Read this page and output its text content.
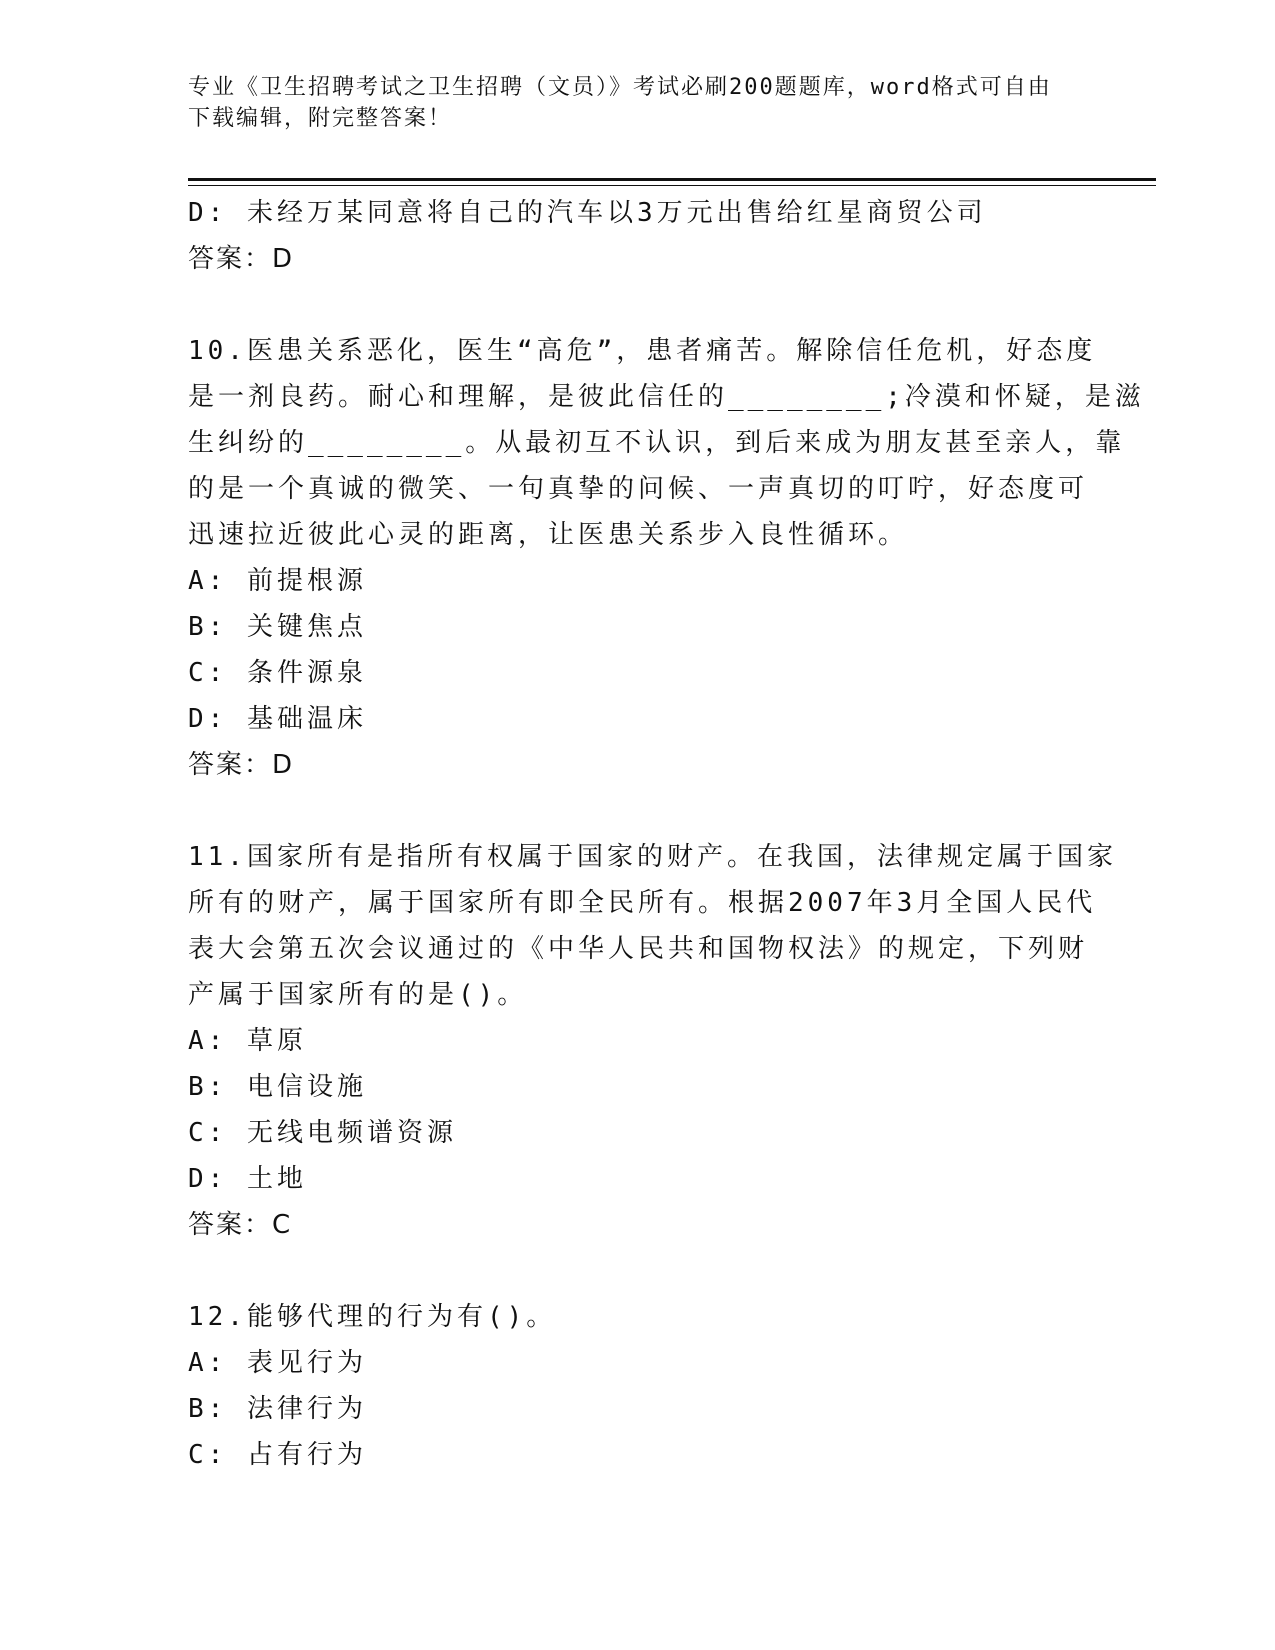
专业《卫生招聘考试之卫生招聘（文员）》考试必刷200题题库，word格式可自由下载编辑，附完整答案！
D: 未经万某同意将自己的汽车以3万元出售给红星商贸公司
答案：D
10.医患关系恶化，医生“高危”，患者痛苦。解除信任危机，好态度
是一剂良药。耐心和理解，是彼此信任的________;冷漠和怀疑，是滋
生纠纷的________。从最初互不认识，到后来成为朋友甚至亲人，靠
的是一个真诚的微笑、一句真挚的问候、一声真切的叮咛，好态度可
迅速拉近彼此心灵的距离，让医患关系步入良性循环。
A: 前提根源
B: 关键焦点
C: 条件源泉
D: 基础温床
答案：D
11.国家所有是指所有权属于国家的财产。在我国，法律规定属于国家
所有的财产，属于国家所有即全民所有。根据2007年3月全国人民代
表大会第五次会议通过的《中华人民共和国物权法》的规定，下列财
产属于国家所有的是()。
A: 草原
B: 电信设施
C: 无线电频谱资源
D: 土地
答案：C
12.能够代理的行为有()。
A: 表见行为
B: 法律行为
C: 占有行为
